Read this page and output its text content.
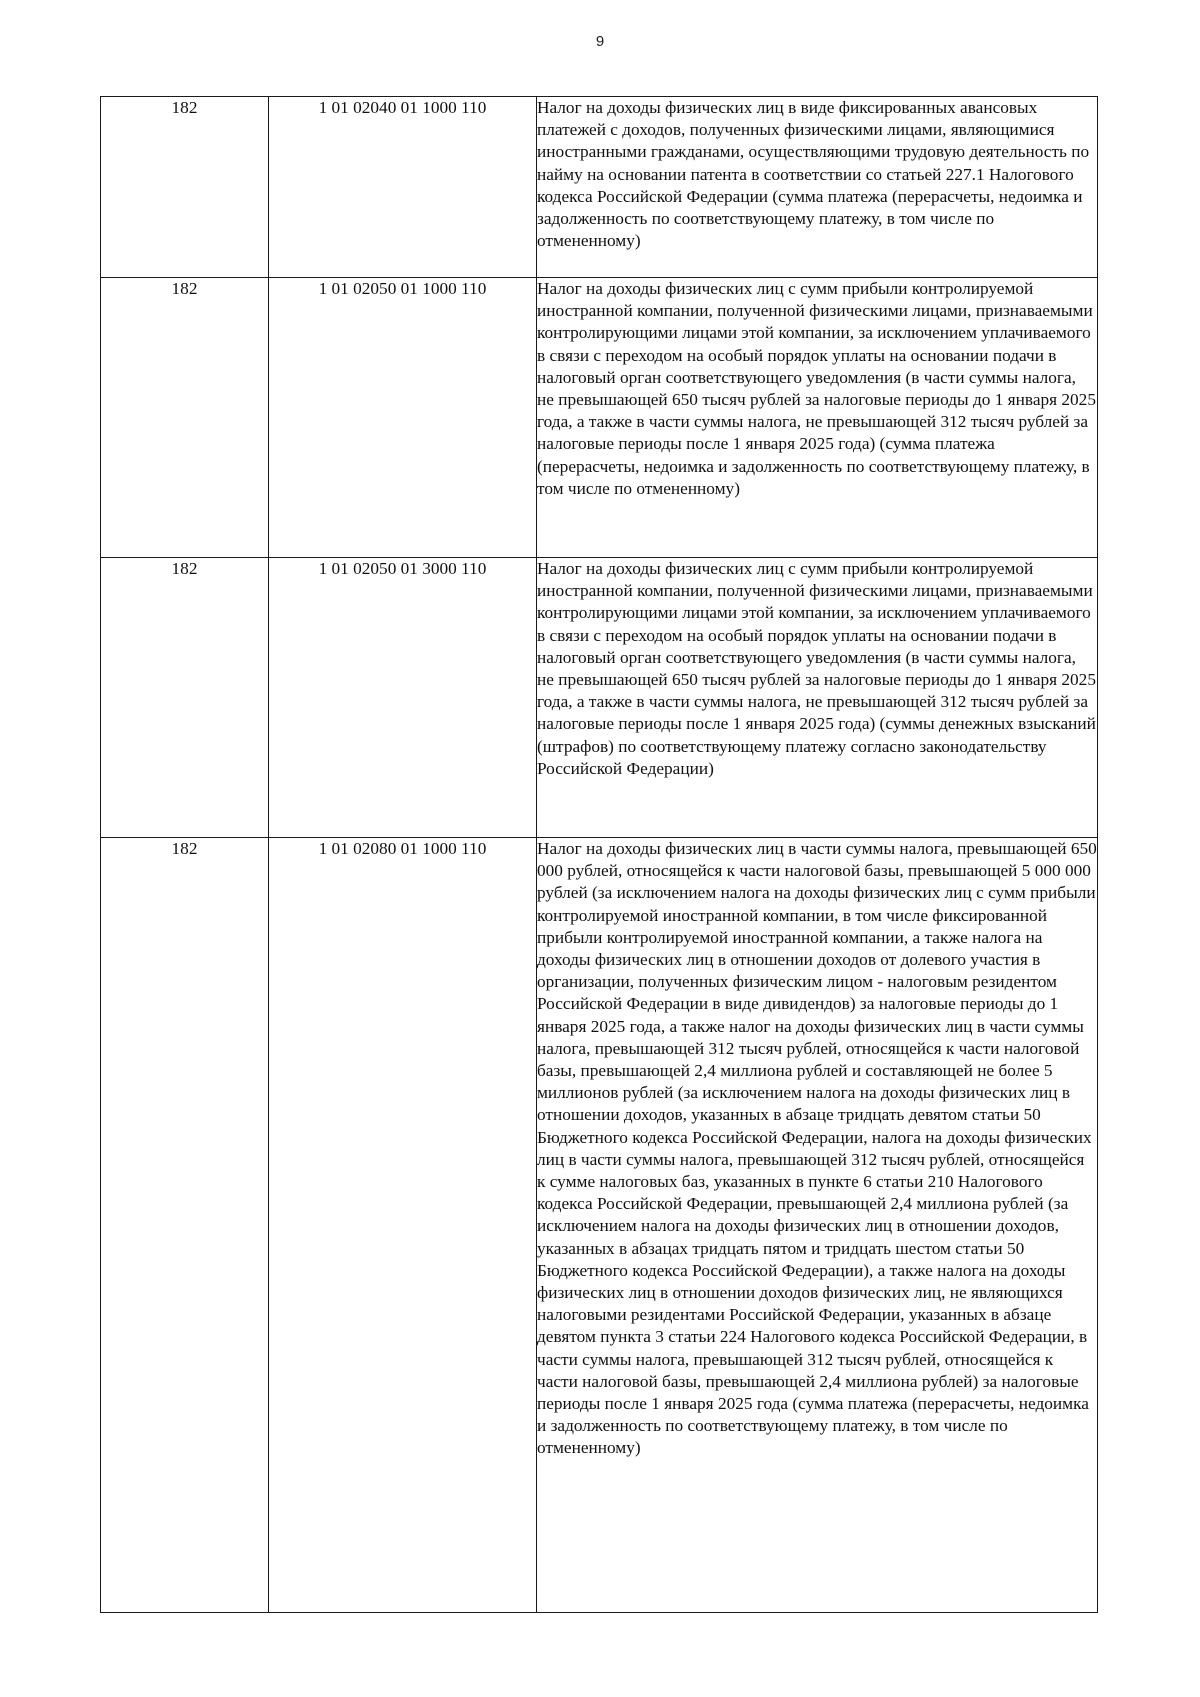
9
182	1 01 02040 01 1000 110	Налог на доходы физических лиц в виде фиксированных авансовых платежей с доходов, полученных физическими лицами, являющимися иностранными гражданами, осуществляющими трудовую деятельность по найму на основании патента в соответствии со статьей 227.1 Налогового кодекса Российской Федерации (сумма платежа (перерасчеты, недоимка и задолженность по соответствующему платежу, в том числе по отмененному)
182	1 01 02050 01 1000 110	Налог на доходы физических лиц с сумм прибыли контролируемой иностранной компании, полученной физическими лицами, признаваемыми контролирующими лицами этой компании, за исключением уплачиваемого в связи с переходом на особый порядок уплаты на основании подачи в налоговый орган соответствующего уведомления (в части суммы налога, не превышающей 650 тысяч рублей за налоговые периоды до 1 января 2025 года, а также в части суммы налога, не превышающей 312 тысяч рублей за налоговые периоды после 1 января 2025 года) (сумма платежа (перерасчеты, недоимка и задолженность по соответствующему платежу, в том числе по отмененному)
182	1 01 02050 01 3000 110	Налог на доходы физических лиц с сумм прибыли контролируемой иностранной компании, полученной физическими лицами, признаваемыми контролирующими лицами этой компании, за исключением уплачиваемого в связи с переходом на особый порядок уплаты на основании подачи в налоговый орган соответствующего уведомления (в части суммы налога, не превышающей 650 тысяч рублей за налоговые периоды до 1 января 2025 года, а также в части суммы налога, не превышающей 312 тысяч рублей за налоговые периоды после 1 января 2025 года) (суммы денежных взысканий (штрафов) по соответствующему платежу согласно законодательству Российской Федерации)
182	1 01 02080 01 1000 110	Налог на доходы физических лиц в части суммы налога, превышающей 650 000 рублей, относящейся к части налоговой базы, превышающей 5 000 000 рублей (за исключением налога на доходы физических лиц с сумм прибыли контролируемой иностранной компании, в том числе фиксированной прибыли контролируемой иностранной компании, а также налога на доходы физических лиц в отношении доходов от долевого участия в организации, полученных физическим лицом - налоговым резидентом Российской Федерации в виде дивидендов) за налоговые периоды до 1 января 2025 года, а также налог на доходы физических лиц в части суммы налога, превышающей 312 тысяч рублей, относящейся к части налоговой базы, превышающей 2,4 миллиона рублей и составляющей не более 5 миллионов рублей (за исключением налога на доходы физических лиц в отношении доходов, указанных в абзаце тридцать девятом статьи 50 Бюджетного кодекса Российской Федерации, налога на доходы физических лиц в части суммы налога, превышающей 312 тысяч рублей, относящейся к сумме налоговых баз, указанных в пункте 6 статьи 210 Налогового кодекса Российской Федерации, превышающей 2,4 миллиона рублей (за исключением налога на доходы физических лиц в отношении доходов, указанных в абзацах тридцать пятом и тридцать шестом статьи 50 Бюджетного кодекса Российской Федерации), а также налога на доходы физических лиц в отношении доходов физических лиц, не являющихся налоговыми резидентами Российской Федерации, указанных в абзаце девятом пункта 3 статьи 224 Налогового кодекса Российской Федерации, в части суммы налога, превышающей 312 тысяч рублей, относящейся к части налоговой базы, превышающей 2,4 миллиона рублей) за налоговые периоды после 1 января 2025 года (сумма платежа (перерасчеты, недоимка и задолженность по соответствующему платежу, в том числе по отмененному)
